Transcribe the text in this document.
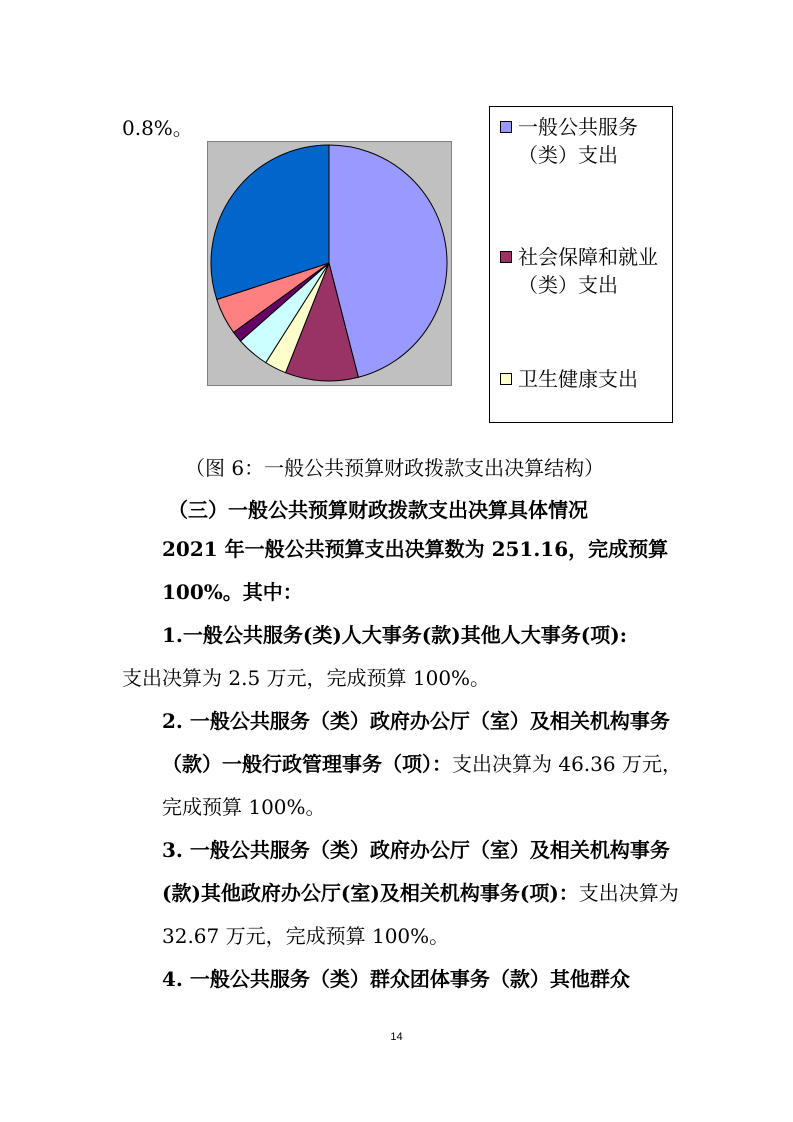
0.8%。	一般公共服务（类）支出
社会保障和就业（类）支出
卫生健康支出
（图 6：一般公共预算财政拨款支出决算结构）
（三）一般公共预算财政拨款支出决算具体情况

2021 年一般公共预算支出决算数为 251.16，完成预算 100%。其中：

1.一般公共服务(类)人大事务(款)其他人大事务(项):

支出决算为 2.5 万元，完成预算 100%。

2. 一般公共服务（类）政府办公厅（室）及相关机构事务（款）一般行政管理事务（项）：支出决算为 46.36 万元，完成预算 100%。

3. 一般公共服务（类）政府办公厅（室）及相关机构事务(款)其他政府办公厅(室)及相关机构事务(项)：支出决算为 32.67 万元，完成预算 100%。

4. 一般公共服务（类）群众团体事务（款）其他群众

14
